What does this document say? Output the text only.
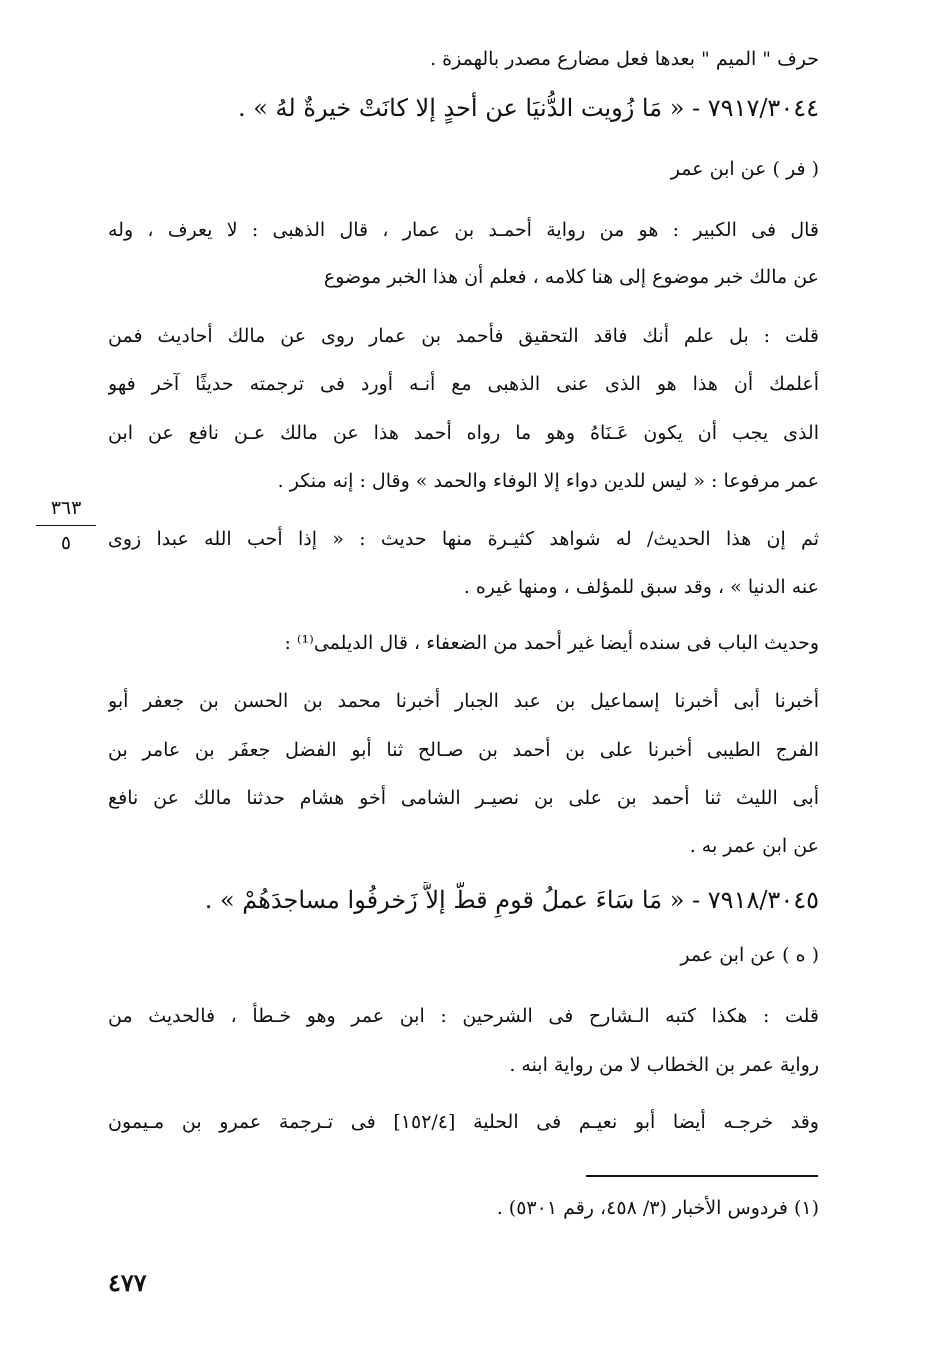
حرف " الميم " بعدها فعل مضارع مصدر بالهمزة .
٧٩١٧/٣٠٤٤ - « مَا زُويت الدُّنيَا عن أحدٍ إلا كانَتْ خيرةٌ لهُ » .
( فر ) عن ابن عمر
قال فى الكبير : هو من رواية أحمـد بن عمار ، قال الذهبى : لا يعرف ، وله
عن مالك خبر موضوع إلى هنا كلامه ، فعلم أن هذا الخبر موضوع
قلت : بل علم أنك فاقد التحقيق فأحمد بن عمار روى عن مالك أحاديث فمن
أعلمك أن هذا هو الذى عنى الذهبى مع أنـه أورد فى ترجمته حديثًا آخر فهو
الذى يجب أن يكون عَـنَاهُ وهو ما رواه أحمد هذا عن مالك عـن نافع عن ابن
عمر مرفوعا : « ليس للدين دواء إلا الوفاء والحمد » وقال : إنه منكر .
ثم إن هذا الحديث/ له شواهد كثيـرة منها حديث : « إذا أحب الله عبدا زوى
عنه الدنيا » ، وقد سبق للمؤلف ، ومنها غيره .
وحديث الباب فى سنده أيضا غير أحمد من الضعفاء ، قال الديلمى⁽¹⁾ :
أخبرنا أبى أخبرنا إسماعيل بن عبد الجبار أخبرنا محمد بن الحسن بن جعفر أبو
الفرج الطيبى أخبرنا على بن أحمد بن صـالح ثنا أبو الفضل جعفَر بن عامر بن
أبى الليث ثنا أحمد بن على بن نصيـر الشامى أخو هشام حدثنا مالك عن نافع
عن ابن عمر به .
٧٩١٨/٣٠٤٥ - « مَا سَاءَ عملُ قومٍ قطُّ إلاَّ زَخرفُوا مساجدَهُمْ » .
( ه ) عن ابن عمر
قلت : هكذا كتبه الـشارح فى الشرحين : ابن عمر وهو خـطأ ، فالحديث من
رواية عمر بن الخطاب لا من رواية ابنه .
وقد خرجـه أيضا أبو نعيـم فى الحلية [١٥٢/٤] فى تـرجمة عمرو بن مـيمون
٣٦٣
٥
(١) فردوس الأخبار (٣/ ٤٥٨، رقم ٥٣٠١) .
٤٧٧
